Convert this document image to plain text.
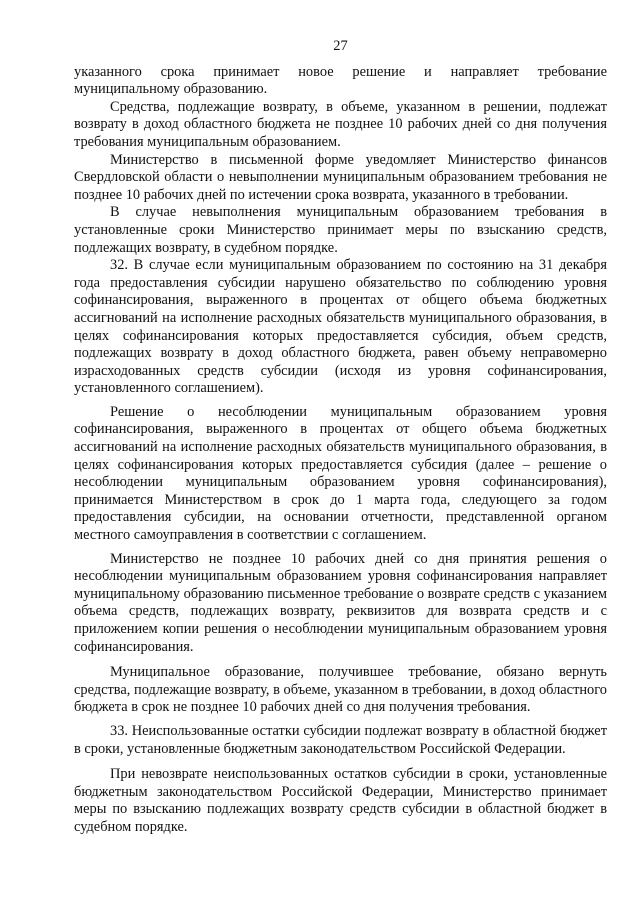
27

указанного срока принимает новое решение и направляет требование муниципальному образованию.

Средства, подлежащие возврату, в объеме, указанном в решении, подлежат возврату в доход областного бюджета не позднее 10 рабочих дней со дня получения требования муниципальным образованием.

Министерство в письменной форме уведомляет Министерство финансов Свердловской области о невыполнении муниципальным образованием требования не позднее 10 рабочих дней по истечении срока возврата, указанного в требовании.

В случае невыполнения муниципальным образованием требования в установленные сроки Министерство принимает меры по взысканию средств, подлежащих возврату, в судебном порядке.

32. В случае если муниципальным образованием по состоянию на 31 декабря года предоставления субсидии нарушено обязательство по соблюдению уровня софинансирования, выраженного в процентах от общего объема бюджетных ассигнований на исполнение расходных обязательств муниципального образования, в целях софинансирования которых предоставляется субсидия, объем средств, подлежащих возврату в доход областного бюджета, равен объему неправомерно израсходованных средств субсидии (исходя из уровня софинансирования, установленного соглашением).

Решение о несоблюдении муниципальным образованием уровня софинансирования, выраженного в процентах от общего объема бюджетных ассигнований на исполнение расходных обязательств муниципального образования, в целях софинансирования которых предоставляется субсидия (далее – решение о несоблюдении муниципальным образованием уровня софинансирования), принимается Министерством в срок до 1 марта года, следующего за годом предоставления субсидии, на основании отчетности, представленной органом местного самоуправления в соответствии с соглашением.

Министерство не позднее 10 рабочих дней со дня принятия решения о несоблюдении муниципальным образованием уровня софинансирования направляет муниципальному образованию письменное требование о возврате средств с указанием объема средств, подлежащих возврату, реквизитов для возврата средств и с приложением копии решения о несоблюдении муниципальным образованием уровня софинансирования.

Муниципальное образование, получившее требование, обязано вернуть средства, подлежащие возврату, в объеме, указанном в требовании, в доход областного бюджета в срок не позднее 10 рабочих дней со дня получения требования.

33. Неиспользованные остатки субсидии подлежат возврату в областной бюджет в сроки, установленные бюджетным законодательством Российской Федерации.

При невозврате неиспользованных остатков субсидии в сроки, установленные бюджетным законодательством Российской Федерации, Министерство принимает меры по взысканию подлежащих возврату средств субсидии в областной бюджет в судебном порядке.
